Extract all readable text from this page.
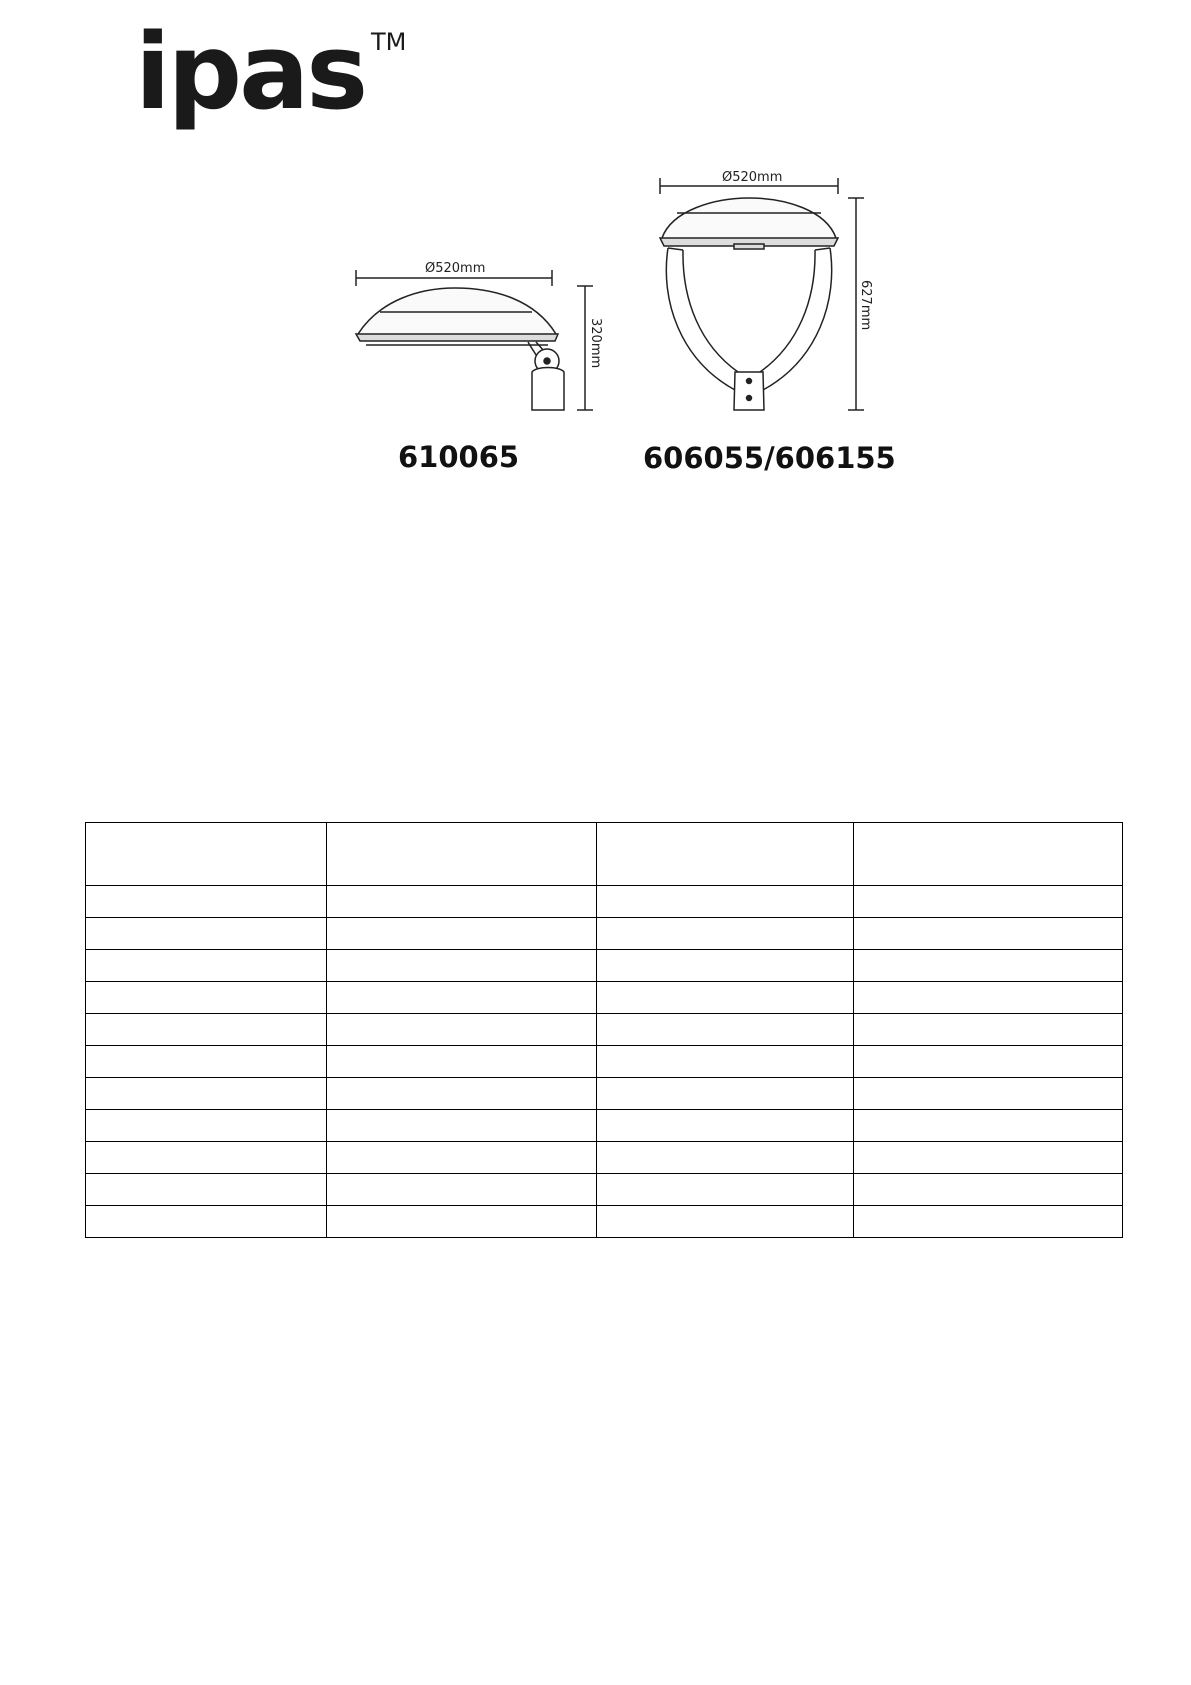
ipas TM
Ø520mm
320mm
Ø520mm
627mm
610065	606055/606155
